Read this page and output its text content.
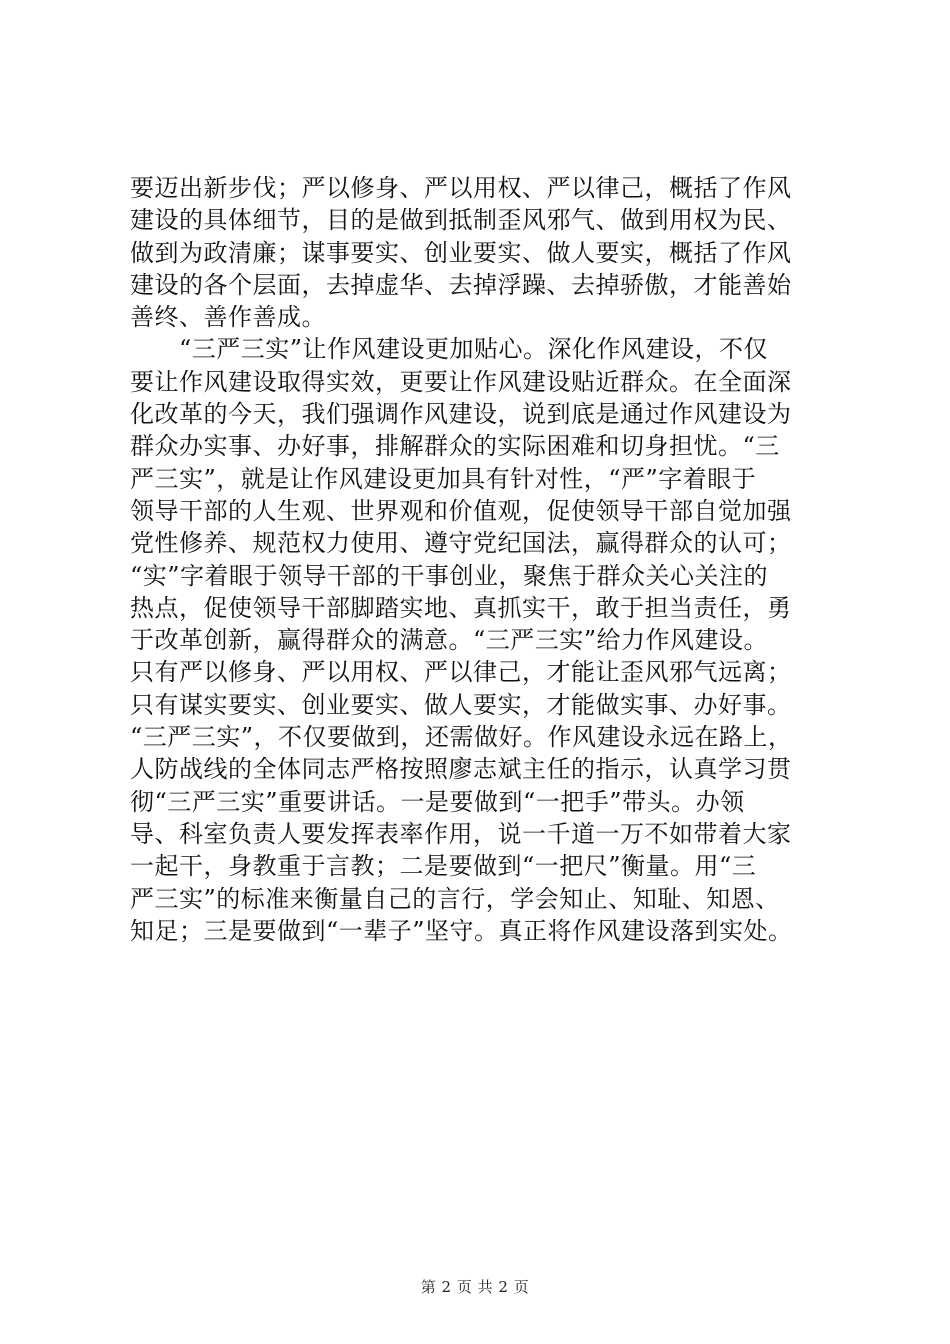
要迈出新步伐；严以修身、严以用权、严以律己，概括了作风
建设的具体细节，目的是做到抵制歪风邪气、做到用权为民、
做到为政清廉；谋事要实、创业要实、做人要实，概括了作风
建设的各个层面，去掉虚华、去掉浮躁、去掉骄傲，才能善始
善终、善作善成。
　　“三严三实”让作风建设更加贴心。深化作风建设，不仅
要让作风建设取得实效，更要让作风建设贴近群众。在全面深
化改革的今天，我们强调作风建设，说到底是通过作风建设为
群众办实事、办好事，排解群众的实际困难和切身担忧。“三
严三实”，就是让作风建设更加具有针对性，“严”字着眼于
领导干部的人生观、世界观和价值观，促使领导干部自觉加强
党性修养、规范权力使用、遵守党纪国法，赢得群众的认可；
“实”字着眼于领导干部的干事创业，聚焦于群众关心关注的
热点，促使领导干部脚踏实地、真抓实干，敢于担当责任，勇
于改革创新，赢得群众的满意。“三严三实”给力作风建设。
只有严以修身、严以用权、严以律己，才能让歪风邪气远离；
只有谋实要实、创业要实、做人要实，才能做实事、办好事。
“三严三实”，不仅要做到，还需做好。作风建设永远在路上，
人防战线的全体同志严格按照廖志斌主任的指示，认真学习贯
彻“三严三实”重要讲话。一是要做到“一把手”带头。办领
导、科室负责人要发挥表率作用，说一千道一万不如带着大家
一起干，身教重于言教；二是要做到“一把尺”衡量。用“三
严三实”的标准来衡量自己的言行，学会知止、知耻、知恩、
知足；三是要做到“一辈子”坚守。真正将作风建设落到实处。
第 2 页 共 2 页
